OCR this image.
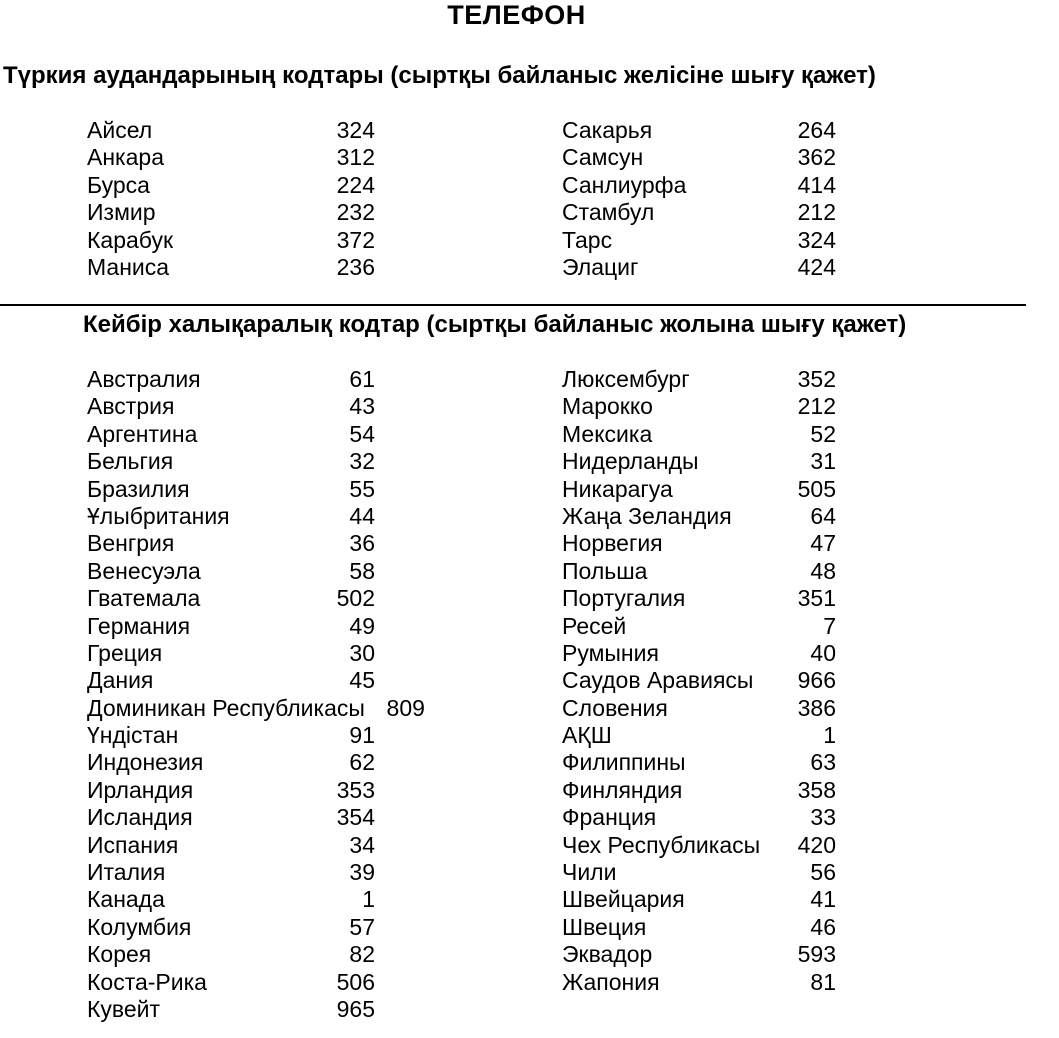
ТЕЛЕФОН
Түркия аудандарының кодтары (сыртқы байланыс желісіне шығу қажет)
Айсел	324
Анкара	312
Бурса	224
Измир	232
Карабук	372
Маниса	236
Сакарья	264
Самсун	362
Санлиурфа	414
Стамбул	212
Тарс	324
Элациг	424
Кейбір халықаралық кодтар (сыртқы байланыс жолына шығу қажет)
Австралия	61
Австрия	43
Аргентина	54
Бельгия	32
Бразилия	55
Ұлыбритания	44
Венгрия	36
Венесуэла	58
Гватемала	502
Германия	49
Греция	30
Дания	45
Доминикан Республикасы 809
Үндістан	91
Индонезия	62
Ирландия	353
Исландия	354
Испания	34
Италия	39
Канада	1
Колумбия	57
Корея	82
Коста-Рика	506
Кувейт	965
Люксембург	352
Марокко	212
Мексика	52
Нидерланды	31
Никарагуа	505
Жаңа Зеландия	64
Норвегия	47
Польша	48
Португалия	351
Ресей	7
Румыния	40
Саудов Аравиясы	966
Словения	386
АҚШ	1
Филиппины	63
Финляндия	358
Франция	33
Чех Республикасы	420
Чили	56
Швейцария	41
Швеция	46
Эквадор	593
Жапония	81
